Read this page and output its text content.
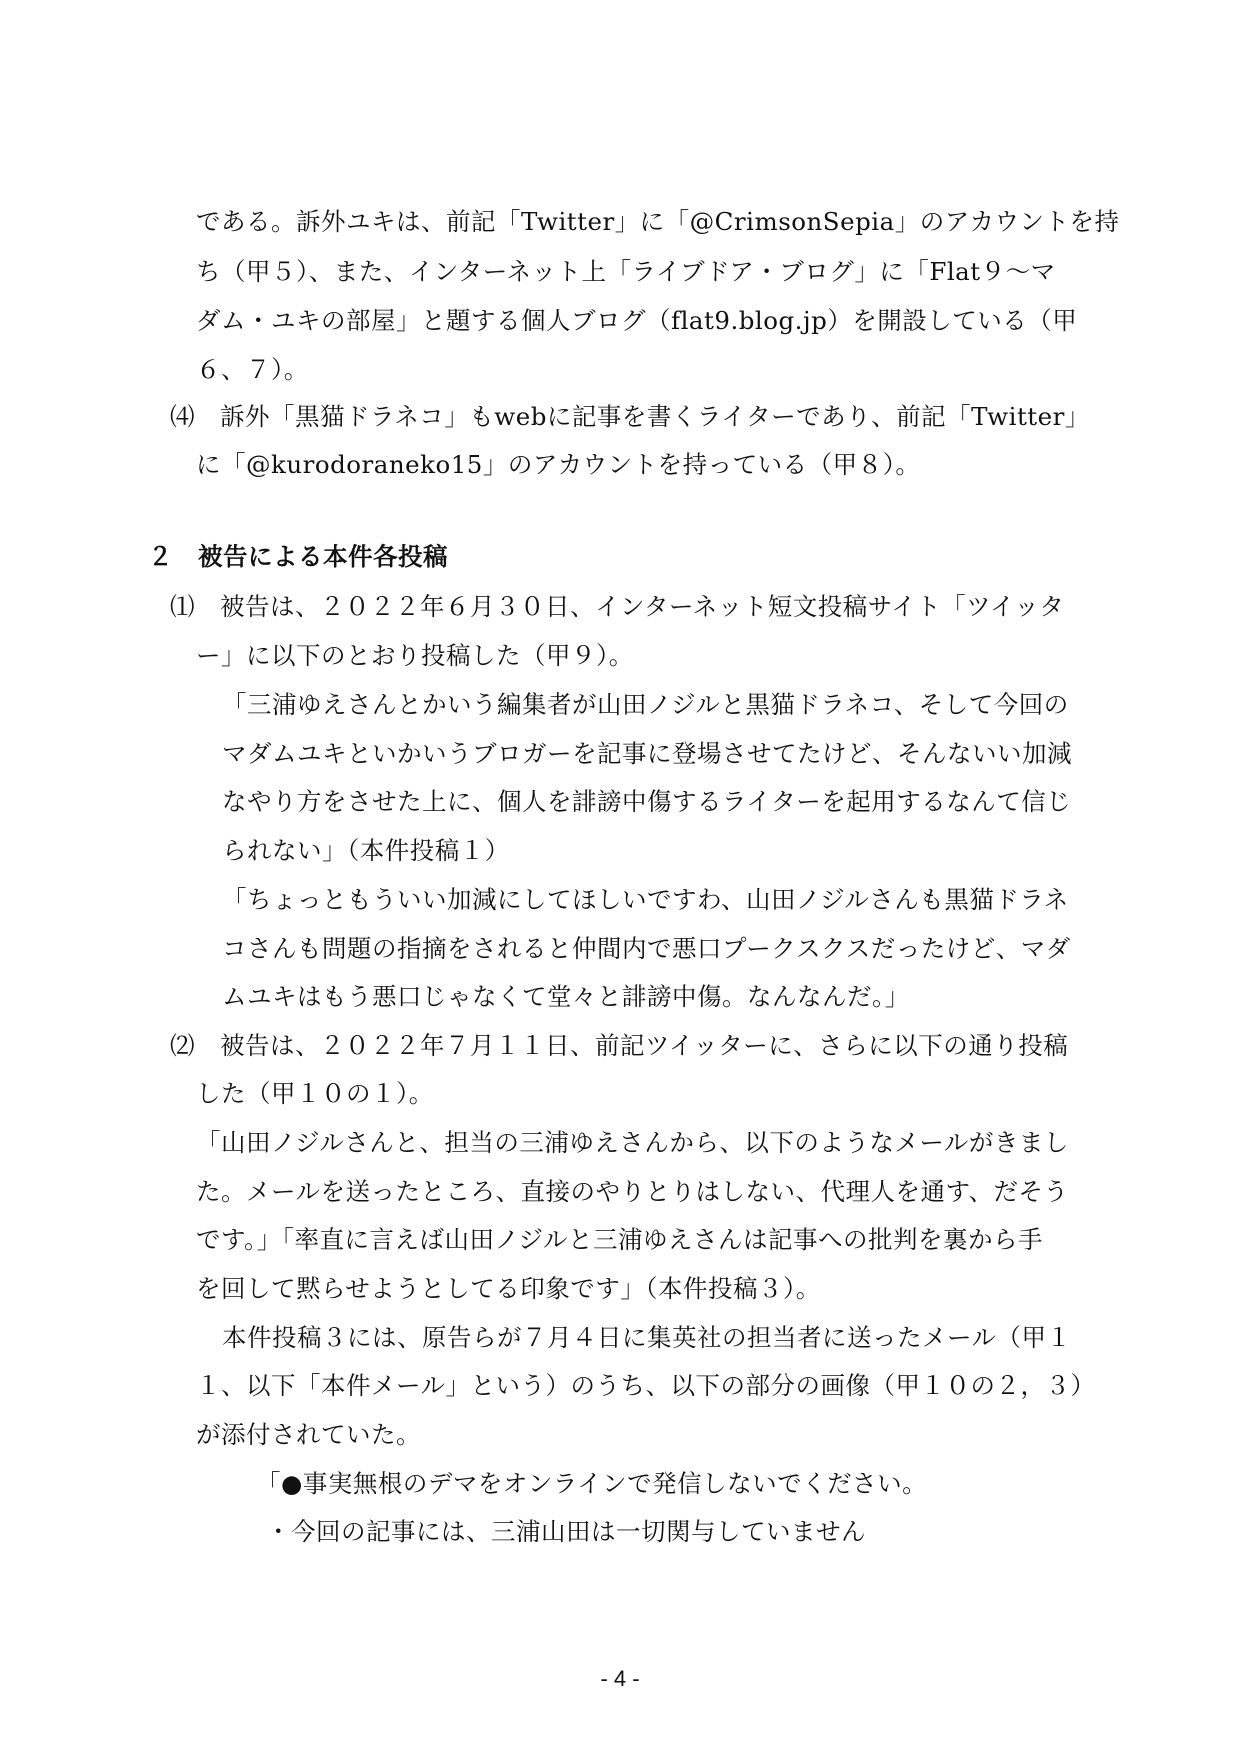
である。訴外ユキは、前記「Twitter」に「@CrimsonSepia」のアカウントを持
ち（甲５）、また、インターネット上「ライブドア・ブログ」に「Flat９～マ
ダム・ユキの部屋」と題する個人ブログ（flat9.blog.jp）を開設している（甲
６、７）。
⑷　訴外「黒猫ドラネコ」もwebに記事を書くライターであり、前記「Twitter」
に「@kurodoraneko15」のアカウントを持っている（甲８）。
２　被告による本件各投稿
⑴　被告は、２０２２年６月３０日、インターネット短文投稿サイト「ツイッタ
ー」に以下のとおり投稿した（甲９）。
「三浦ゆえさんとかいう編集者が山田ノジルと黒猫ドラネコ、そして今回の
マダムユキといかいうブロガーを記事に登場させてたけど、そんないい加減
なやり方をさせた上に、個人を誹謗中傷するライターを起用するなんて信じ
られない」（本件投稿１）
「ちょっともういい加減にしてほしいですわ、山田ノジルさんも黒猫ドラネ
コさんも問題の指摘をされると仲間内で悪口プークスクスだったけど、マダ
ムユキはもう悪口じゃなくて堂々と誹謗中傷。なんなんだ。」
⑵　被告は、２０２２年７月１１日、前記ツイッターに、さらに以下の通り投稿
した（甲１０の１）。
「山田ノジルさんと、担当の三浦ゆえさんから、以下のようなメールがきまし
た。メールを送ったところ、直接のやりとりはしない、代理人を通す、だそう
です。」「率直に言えば山田ノジルと三浦ゆえさんは記事への批判を裏から手
を回して黙らせようとしてる印象です」（本件投稿３）。
本件投稿３には、原告らが７月４日に集英社の担当者に送ったメール（甲１
１、以下「本件メール」という）のうち、以下の部分の画像（甲１０の２，３）
が添付されていた。
「●事実無根のデマをオンラインで発信しないでください。
・今回の記事には、三浦山田は一切関与していません
- 4 -
